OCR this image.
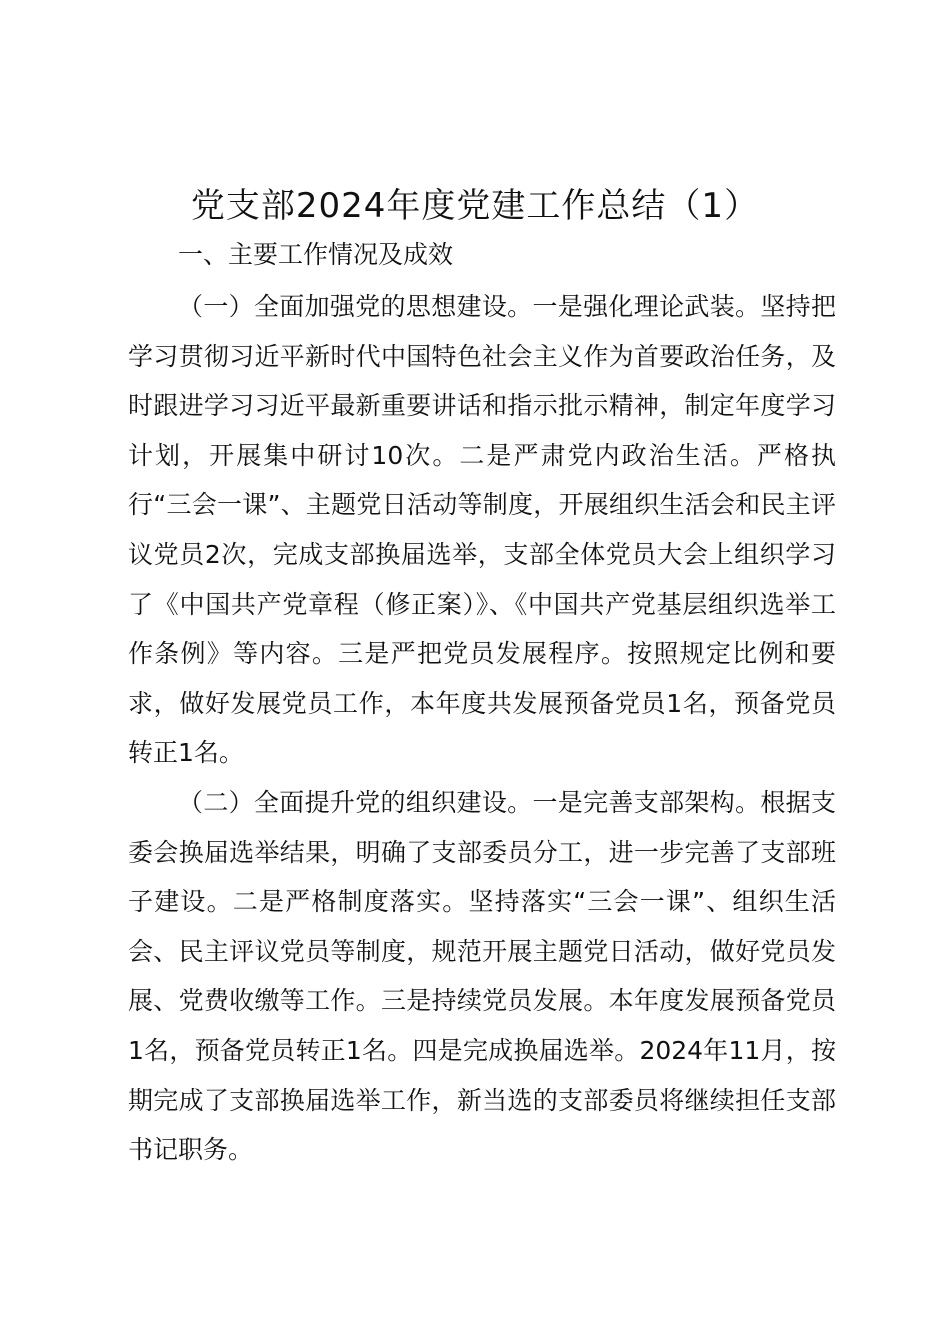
党支部2024年度党建工作总结（1）

一、主要工作情况及成效

（一）全面加强党的思想建设。一是强化理论武装。坚持把学习贯彻习近平新时代中国特色社会主义作为首要政治任务，及时跟进学习习近平最新重要讲话和指示批示精神，制定年度学习计划，开展集中研讨10次。二是严肃党内政治生活。严格执行“三会一课”、主题党日活动等制度，开展组织生活会和民主评议党员2次，完成支部换届选举，支部全体党员大会上组织学习了《中国共产党章程（修正案）》、《中国共产党基层组织选举工作条例》等内容。三是严把党员发展程序。按照规定比例和要求，做好发展党员工作，本年度共发展预备党员1名，预备党员转正1名。

（二）全面提升党的组织建设。一是完善支部架构。根据支委会换届选举结果，明确了支部委员分工，进一步完善了支部班子建设。二是严格制度落实。坚持落实“三会一课”、组织生活会、民主评议党员等制度，规范开展主题党日活动，做好党员发展、党费收缴等工作。三是持续党员发展。本年度发展预备党员1名，预备党员转正1名。四是完成换届选举。2024年11月，按期完成了支部换届选举工作，新当选的支部委员将继续担任支部书记职务。
